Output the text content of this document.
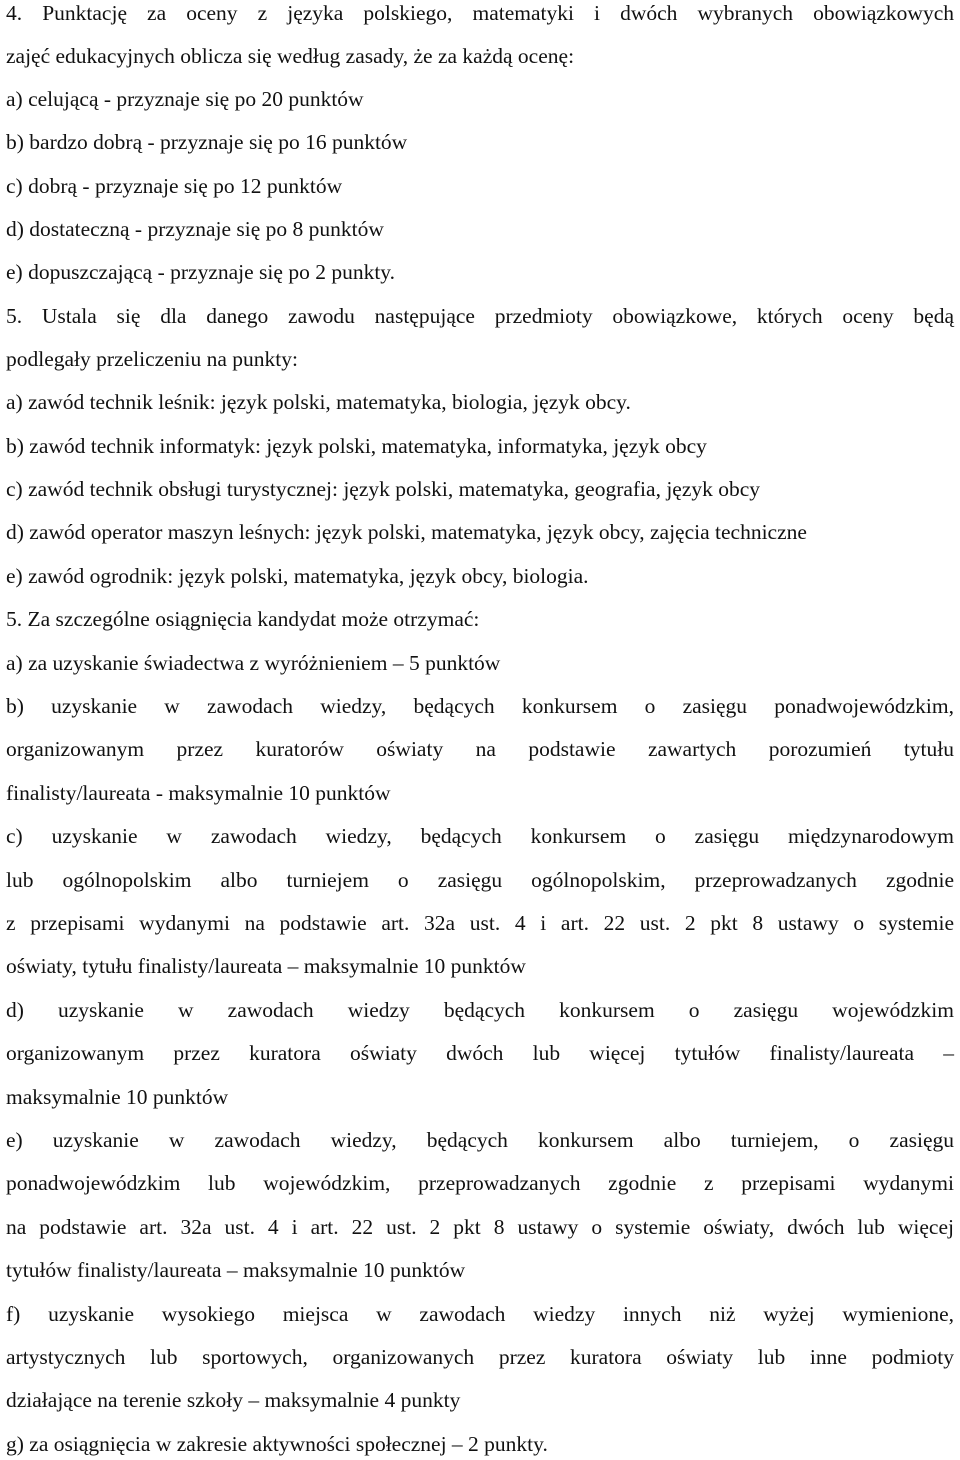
4. Punktację za oceny z języka polskiego, matematyki i dwóch wybranych obowiązkowych
zajęć edukacyjnych oblicza się według zasady, że za każdą ocenę:
a) celującą - przyznaje się po 20 punktów
b) bardzo dobrą - przyznaje się po 16 punktów
c) dobrą - przyznaje się po 12 punktów
d) dostateczną - przyznaje się po 8 punktów
e) dopuszczającą - przyznaje się po 2 punkty.
5. Ustala się dla danego zawodu następujące przedmioty obowiązkowe, których oceny będą
podlegały przeliczeniu na punkty:
a) zawód technik leśnik: język polski, matematyka, biologia, język obcy.
b) zawód technik informatyk: język polski, matematyka, informatyka, język obcy
c) zawód technik obsługi turystycznej: język polski, matematyka, geografia, język obcy
d) zawód operator maszyn leśnych: język polski, matematyka, język obcy, zajęcia techniczne
e) zawód ogrodnik: język polski, matematyka, język obcy, biologia.
5. Za szczególne osiągnięcia kandydat może otrzymać:
a) za uzyskanie świadectwa z wyróżnieniem – 5 punktów
b) uzyskanie w zawodach wiedzy, będących konkursem o zasięgu ponadwojewódzkim,
organizowanym przez kuratorów oświaty na podstawie zawartych porozumień tytułu
finalisty/laureata - maksymalnie 10 punktów
c) uzyskanie w zawodach wiedzy, będących konkursem o zasięgu międzynarodowym
lub ogólnopolskim albo turniejem o zasięgu ogólnopolskim, przeprowadzanych zgodnie
z przepisami wydanymi na podstawie art. 32a ust. 4 i art. 22 ust. 2 pkt 8 ustawy o systemie
oświaty, tytułu finalisty/laureata – maksymalnie 10 punktów
d) uzyskanie w zawodach wiedzy będących konkursem o zasięgu wojewódzkim
organizowanym przez kuratora oświaty dwóch lub więcej tytułów finalisty/laureata –
maksymalnie 10 punktów
e) uzyskanie w zawodach wiedzy, będących konkursem albo turniejem, o zasięgu
ponadwojewódzkim lub wojewódzkim, przeprowadzanych zgodnie z przepisami wydanymi
na podstawie art. 32a ust. 4 i art. 22 ust. 2 pkt 8 ustawy o systemie oświaty, dwóch lub więcej
tytułów finalisty/laureata – maksymalnie 10 punktów
f) uzyskanie wysokiego miejsca w zawodach wiedzy innych niż wyżej wymienione,
artystycznych lub sportowych, organizowanych przez kuratora oświaty lub inne podmioty
działające na terenie szkoły – maksymalnie 4 punkty
g) za osiągnięcia w zakresie aktywności społecznej – 2 punkty.
